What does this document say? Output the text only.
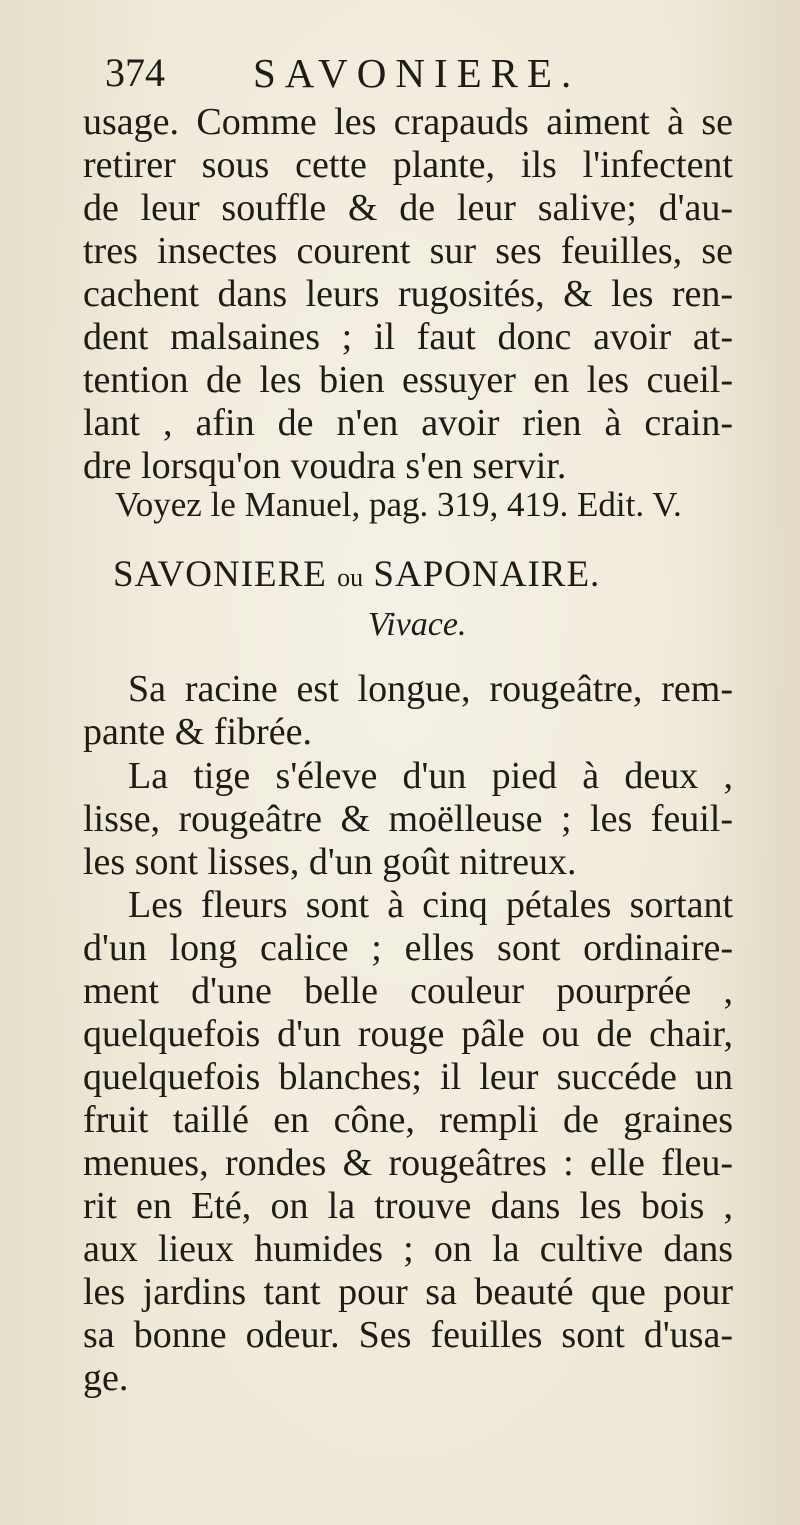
374 SAVONIERE.
usage. Comme les crapauds aiment à se
retirer sous cette plante, ils l'infectent
de leur souffle & de leur salive; d'au-
tres insectes courent sur ses feuilles, se
cachent dans leurs rugosités, & les ren-
dent malsaines ; il faut donc avoir at-
tention de les bien essuyer en les cueil-
lant , afin de n'en avoir rien à crain-
dre lorsqu'on voudra s'en servir.
Voyez le Manuel, pag. 319, 419. Edit. V.
SAVONIERE ou SAPONAIRE.
Vivace.
Sa racine est longue, rougeâtre, rem-
pante & fibrée.
La tige s'éleve d'un pied à deux ,
lisse, rougeâtre & moëlleuse ; les feuil-
les sont lisses, d'un goût nitreux.
Les fleurs sont à cinq pétales sortant
d'un long calice ; elles sont ordinaire-
ment d'une belle couleur pourprée ,
quelquefois d'un rouge pâle ou de chair,
quelquefois blanches; il leur succéde un
fruit taillé en cône, rempli de graines
menues, rondes & rougeâtres : elle fleu-
rit en Eté, on la trouve dans les bois ,
aux lieux humides ; on la cultive dans
les jardins tant pour sa beauté que pour
sa bonne odeur. Ses feuilles sont d'usa-
ge.
